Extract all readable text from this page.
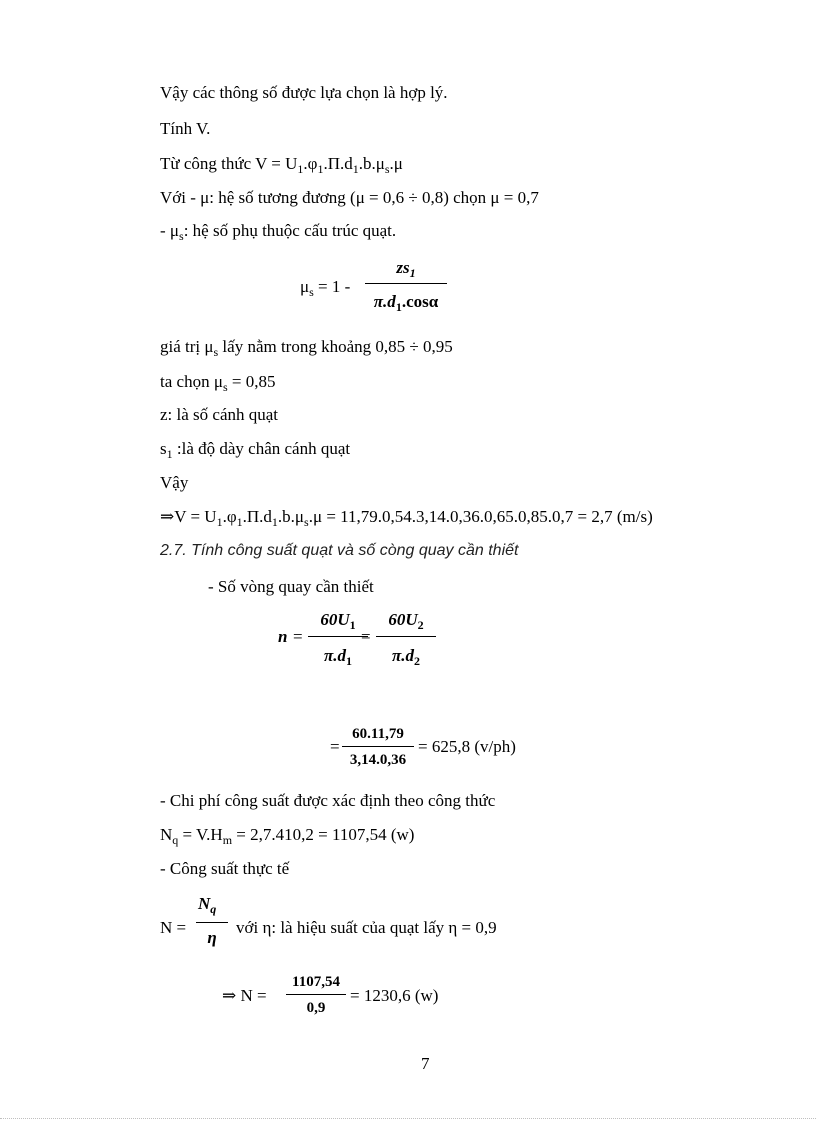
Vậy các thông số được lựa chọn là hợp lý.
Tính V.
Từ công thức $V = U_1.\varphi_1.\Pi.d_1.b.\mu_s.\mu$
Với - μ: hệ số tương đương (μ = 0,6 ÷ 0,8) chọn μ = 0,7
- $\mu_s$: hệ số phụ thuộc cấu trúc quạt.
$\mu_s = 1$ -
$zs_1$
$\pi.d_1.\cos\alpha$
giá trị $\mu_s$ lấy nằm trong khoảng 0,85 ÷ 0,95
ta chọn $\mu_s = 0,85$
z: là số cánh quạt
$s_1$ :là độ dày chân cánh quạt
Vậy
⇒V = $U_1.\varphi_1.\Pi.d_1.b.\mu_s.\mu = 11,79.0,54.3,14.0,36.0,65.0,85.0,7 = 2,7$ (m/s)
2.7. Tính công suất quạt và số còng quay cần thiết
- Số vòng quay cần thiết
n =
$60U_1$
$\pi.d_1$
=
$60U_2$
$\pi.d_2$
=
60.11,79
3,14.0,36
= 625,8 (v/ph)
- Chi phí công suất được xác định theo công thức
$N_q = V.H_m = 2,7.410,2 = 1107,54$ (w)
- Công suất thực tế
N =
$N_q$
η
với η: là hiệu suất của quạt lấy η = 0,9
⇒ N =
1107,54
0,9
= 1230,6 (w)
7
